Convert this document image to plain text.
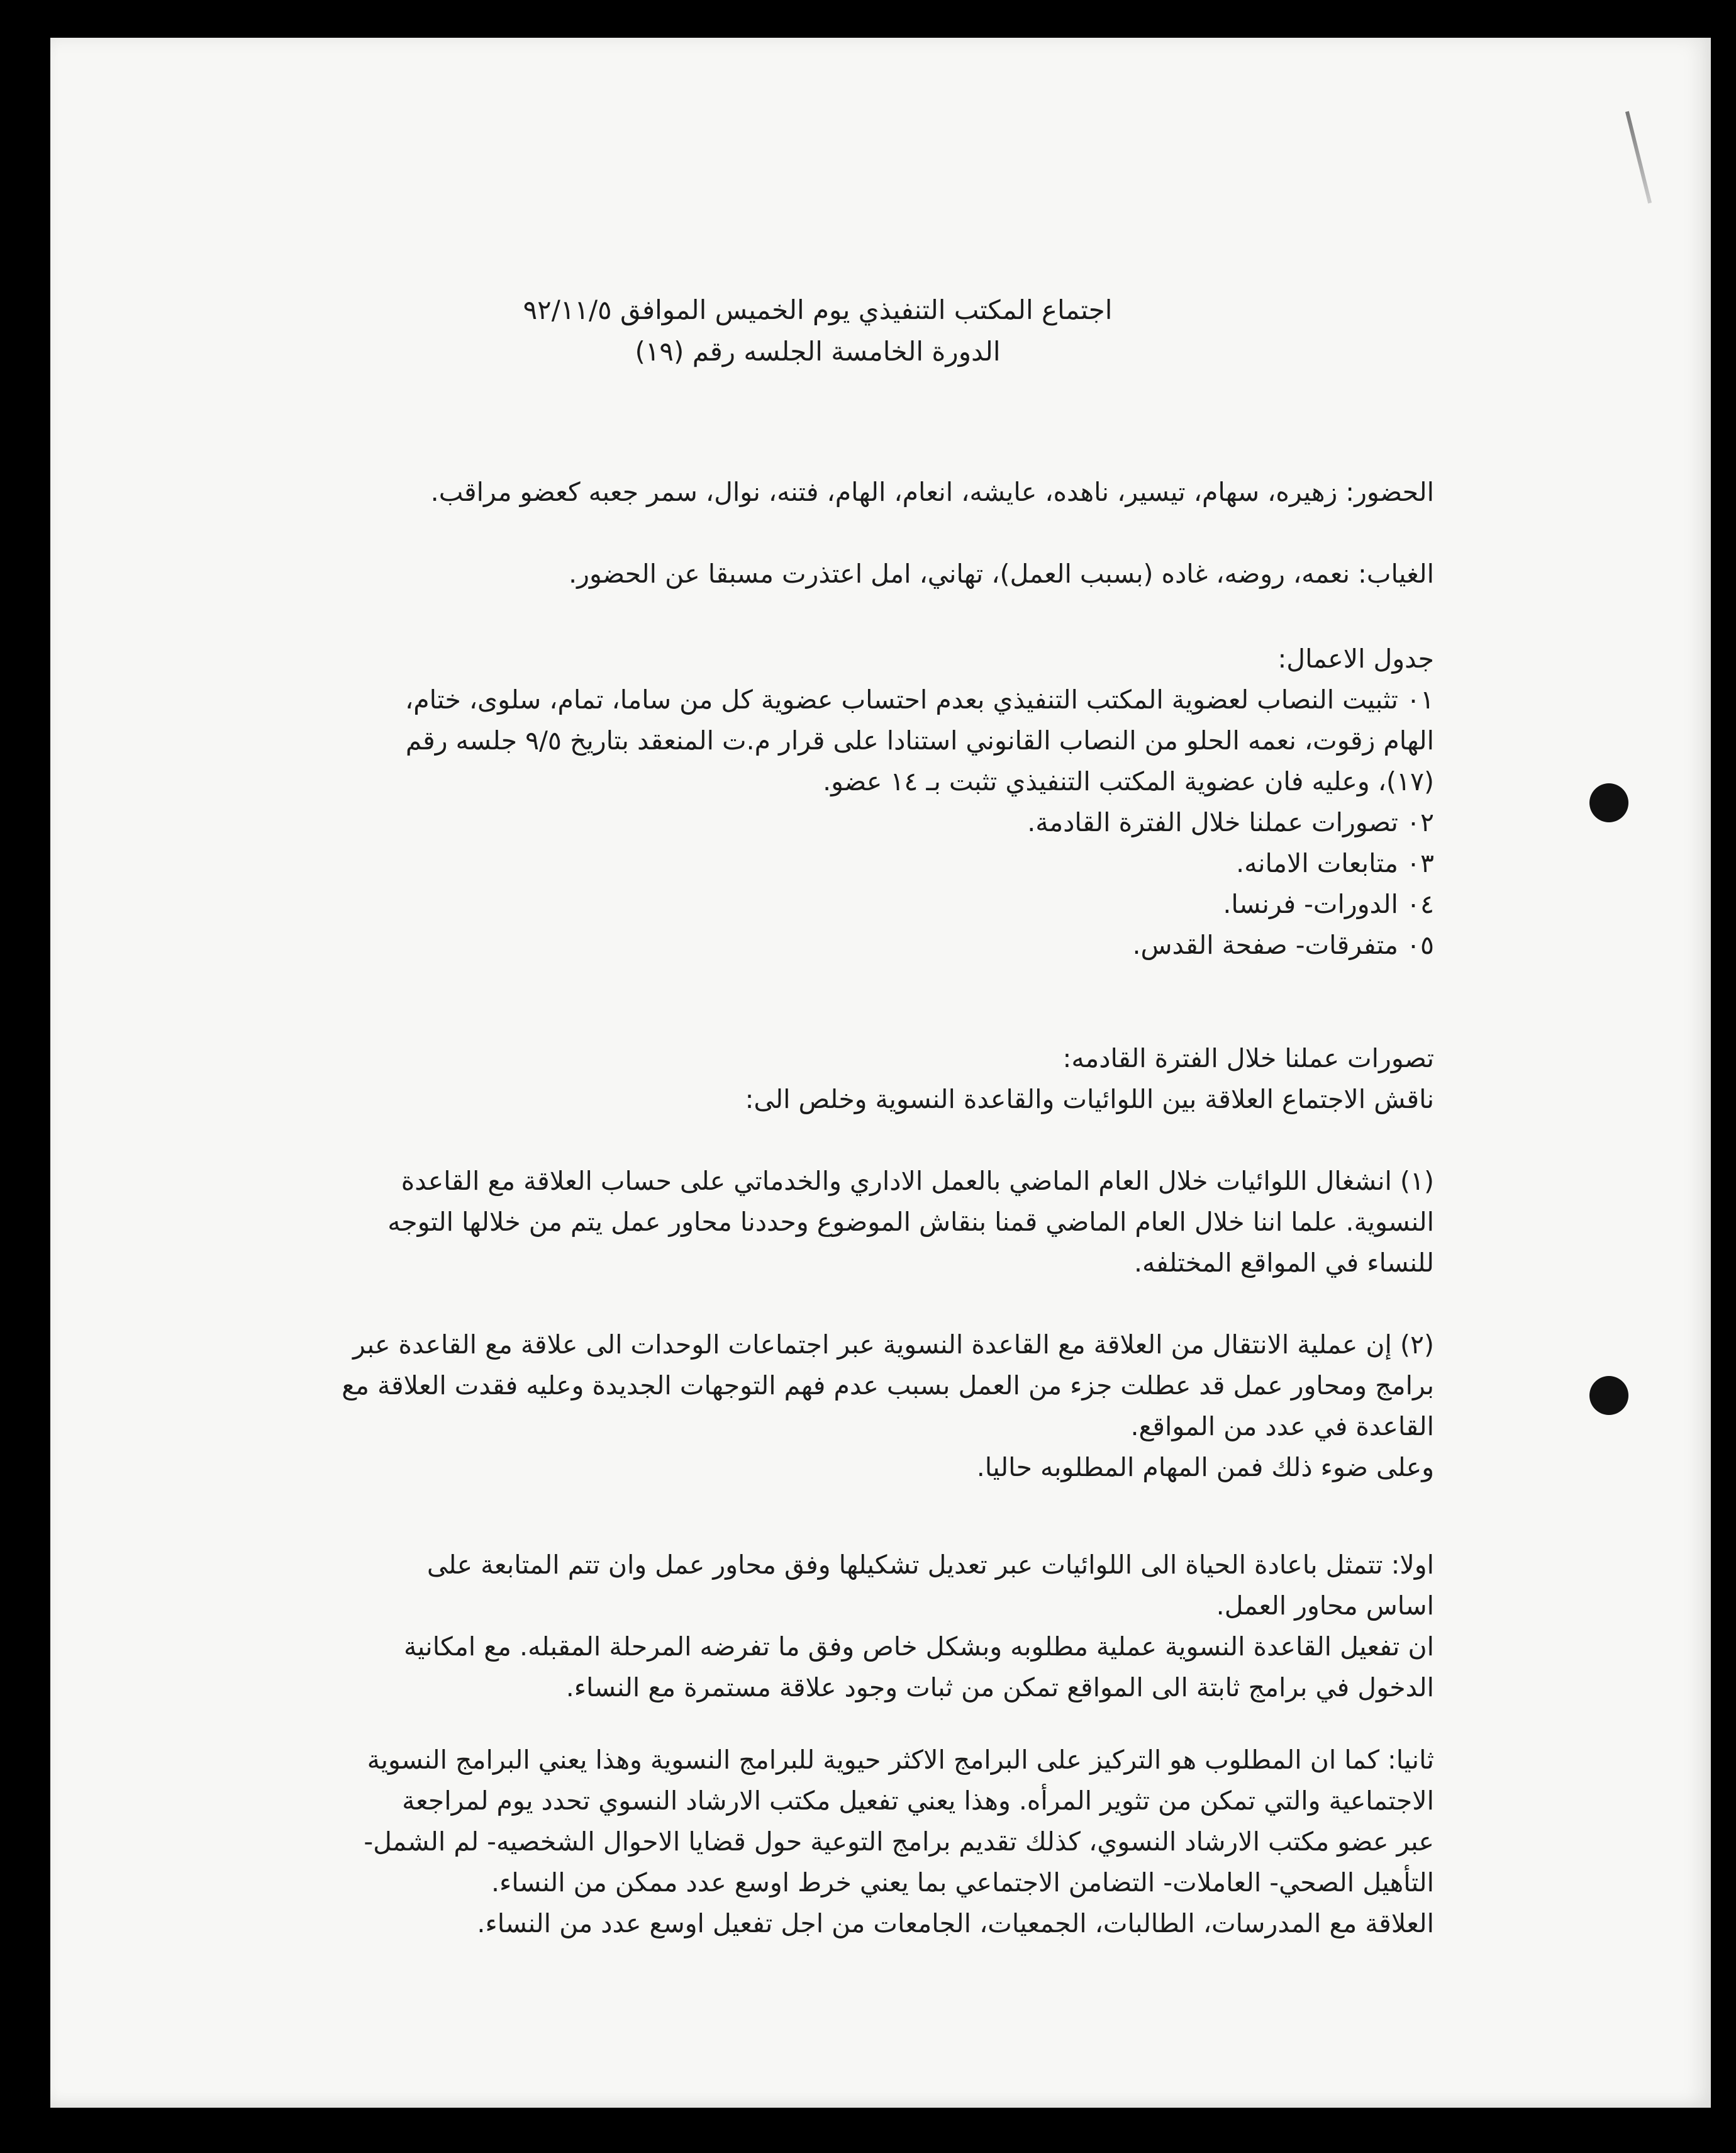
اجتماع المكتب التنفيذي يوم الخميس الموافق ٩٢/١١/٥

الدورة الخامسة الجلسه رقم (١٩)

الحضور: زهيره، سهام، تيسير، ناهده، عايشه، انعام، الهام، فتنه، نوال، سمر جعبه كعضو مراقب.

الغياب: نعمه، روضه، غاده (بسبب العمل)، تهاني، امل اعتذرت مسبقا عن الحضور.

جدول الاعمال:

٠١ تثبيت النصاب لعضوية المكتب التنفيذي بعدم احتساب عضوية كل من ساما، تمام، سلوى، ختام،

الهام زقوت، نعمه الحلو من النصاب القانوني استنادا على قرار م.ت المنعقد بتاريخ ٩/٥ جلسه رقم

(١٧)، وعليه فان عضوية المكتب التنفيذي تثبت بـ ١٤ عضو.

٠٢ تصورات عملنا خلال الفترة القادمة.

٠٣ متابعات الامانه.

٠٤ الدورات- فرنسا.

٠٥ متفرقات- صفحة القدس.

تصورات عملنا خلال الفترة القادمه:

ناقش الاجتماع العلاقة بين اللوائيات والقاعدة النسوية وخلص الى:

(١) انشغال اللوائيات خلال العام الماضي بالعمل الاداري والخدماتي على حساب العلاقة مع القاعدة

النسوية. علما اننا خلال العام الماضي قمنا بنقاش الموضوع وحددنا محاور عمل يتم من خلالها التوجه

للنساء في المواقع المختلفه.

(٢) إن عملية الانتقال من العلاقة مع القاعدة النسوية عبر اجتماعات الوحدات الى علاقة مع القاعدة عبر

برامج ومحاور عمل قد عطلت جزء من العمل بسبب عدم فهم التوجهات الجديدة وعليه فقدت العلاقة مع

القاعدة في عدد من المواقع.

وعلى ضوء ذلك فمن المهام المطلوبه حاليا.

اولا: تتمثل باعادة الحياة الى اللوائيات عبر تعديل تشكيلها وفق محاور عمل وان تتم المتابعة على

اساس محاور العمل.

ان تفعيل القاعدة النسوية عملية مطلوبه وبشكل خاص وفق ما تفرضه المرحلة المقبله. مع امكانية

الدخول في برامج ثابتة الى المواقع تمكن من ثبات وجود علاقة مستمرة مع النساء.

ثانيا: كما ان المطلوب هو التركيز على البرامج الاكثر حيوية للبرامج النسوية وهذا يعني البرامج النسوية

الاجتماعية والتي تمكن من تثوير المرأه. وهذا يعني تفعيل مكتب الارشاد النسوي تحدد يوم لمراجعة

عبر عضو مكتب الارشاد النسوي، كذلك تقديم برامج التوعية حول قضايا الاحوال الشخصيه- لم الشمل-

التأهيل الصحي- العاملات- التضامن الاجتماعي بما يعني خرط اوسع عدد ممكن من النساء.

العلاقة مع المدرسات، الطالبات، الجمعيات، الجامعات من اجل تفعيل اوسع عدد من النساء.
